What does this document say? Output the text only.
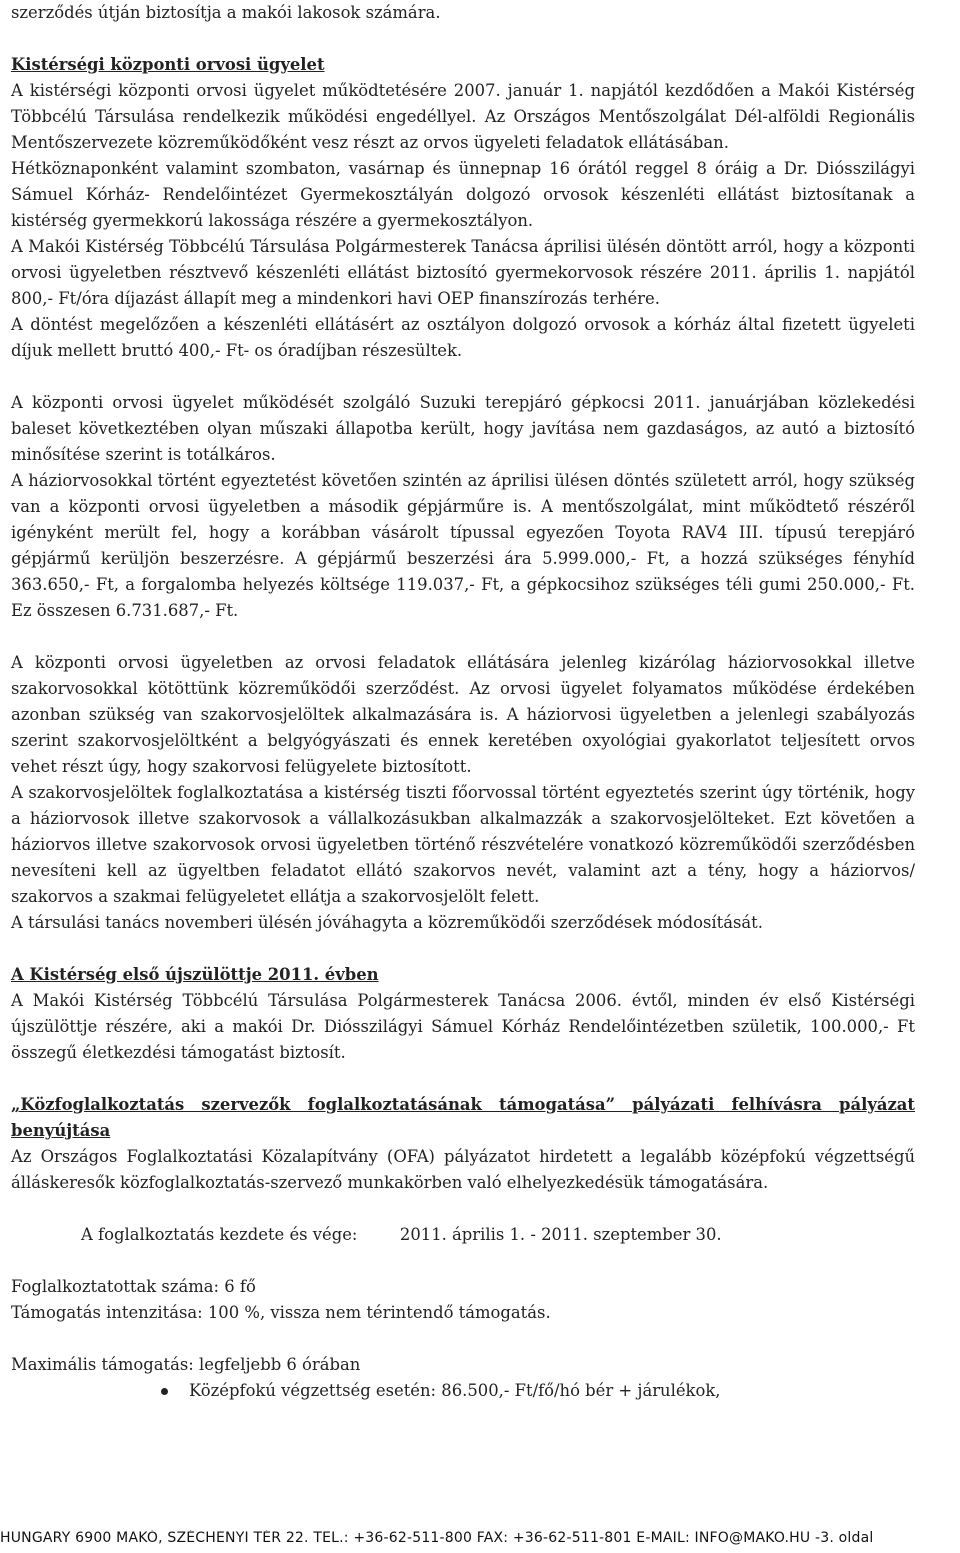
szerződés útján biztosítja a makói lakosok számára.

Kistérségi központi orvosi ügyelet

A kistérségi központi orvosi ügyelet működtetésére 2007. január 1. napjától kezdődően a Makói Kistérség Többcélú Társulása rendelkezik működési engedéllyel. Az Országos Mentőszolgálat Dél-alföldi Regionális Mentőszervezete közreműködőként vesz részt az orvos ügyeleti feladatok ellátásában.

Hétköznaponként valamint szombaton, vasárnap és ünnepnap 16 órától reggel 8 óráig a Dr. Diósszilágyi Sámuel Kórház- Rendelőintézet Gyermekosztályán dolgozó orvosok készenléti ellátást biztosítanak a kistérség gyermekkorú lakossága részére a gyermekosztályon.

A Makói Kistérség Többcélú Társulása Polgármesterek Tanácsa áprilisi ülésén döntött arról, hogy a központi orvosi ügyeletben résztvevő készenléti ellátást biztosító gyermekorvosok részére 2011. április 1. napjától 800,- Ft/óra díjazást állapít meg a mindenkori havi OEP finanszírozás terhére.

A döntést megelőzően a készenléti ellátásért az osztályon dolgozó orvosok a kórház által fizetett ügyeleti díjuk mellett bruttó 400,- Ft- os óradíjban részesültek.

A központi orvosi ügyelet működését szolgáló Suzuki terepjáró gépkocsi 2011. januárjában közlekedési baleset következtében olyan műszaki állapotba került, hogy javítása nem gazdaságos, az autó a biztosító minősítése szerint is totálkáros.

A háziorvosokkal történt egyeztetést követően szintén az áprilisi ülésen döntés született arról, hogy szükség van a központi orvosi ügyeletben a második gépjárműre is. A mentőszolgálat, mint működtető részéről igényként merült fel, hogy a korábban vásárolt típussal egyezően Toyota RAV4 III. típusú terepjáró gépjármű kerüljön beszerzésre. A gépjármű beszerzési ára 5.999.000,- Ft, a hozzá szükséges fényhíd 363.650,- Ft, a forgalomba helyezés költsége 119.037,- Ft, a gépkocsihoz szükséges téli gumi 250.000,- Ft. Ez összesen 6.731.687,- Ft.

A központi orvosi ügyeletben az orvosi feladatok ellátására jelenleg kizárólag háziorvosokkal illetve szakorvosokkal kötöttünk közreműködői szerződést. Az orvosi ügyelet folyamatos működése érdekében azonban szükség van szakorvosjelöltek alkalmazására is. A háziorvosi ügyeletben a jelenlegi szabályozás szerint szakorvosjelöltként a belgyógyászati és ennek keretében oxyológiai gyakorlatot teljesített orvos vehet részt úgy, hogy szakorvosi felügyelete biztosított.

A szakorvosjelöltek foglalkoztatása a kistérség tiszti főorvossal történt egyeztetés szerint úgy történik, hogy a háziorvosok illetve szakorvosok a vállalkozásukban alkalmazzák a szakorvosjelölteket. Ezt követően a háziorvos illetve szakorvosok orvosi ügyeletben történő részvételére vonatkozó közreműködői szerződésben nevesíteni kell az ügyeltben feladatot ellátó szakorvos nevét, valamint azt a tény, hogy a háziorvos/ szakorvos a szakmai felügyeletet ellátja a szakorvosjelölt felett.

A társulási tanács novemberi ülésén jóváhagyta a közreműködői szerződések módosítását.

A Kistérség első újszülöttje 2011. évben

A Makói Kistérség Többcélú Társulása Polgármesterek Tanácsa 2006. évtől, minden év első Kistérségi újszülöttje részére, aki a makói Dr. Diósszilágyi Sámuel Kórház Rendelőintézetben születik, 100.000,- Ft összegű életkezdési támogatást biztosít.

„Közfoglalkoztatás szervezők foglalkoztatásának támogatása” pályázati felhívásra pályázat benyújtása

Az Országos Foglalkoztatási Közalapítvány (OFA) pályázatot hirdetett a legalább középfokú végzettségű álláskeresők közfoglalkoztatás-szervező munkakörben való elhelyezkedésük támogatására.

A foglalkoztatás kezdete és vége:	2011. április 1. - 2011. szeptember 30.

Foglalkoztatottak száma: 6 fő

Támogatás intenzitása: 100 %, vissza nem térintendő támogatás.

Maximális támogatás: legfeljebb 6 órában

Középfokú végzettség esetén: 86.500,- Ft/fő/hó bér + járulékok,
HUNGARY 6900 MAKÓ, SZÉCHENYI TÉR 22. TEL.: +36-62-511-800 FAX: +36-62-511-801 E-MAIL: INFO@MAKO.HU -3. oldal
